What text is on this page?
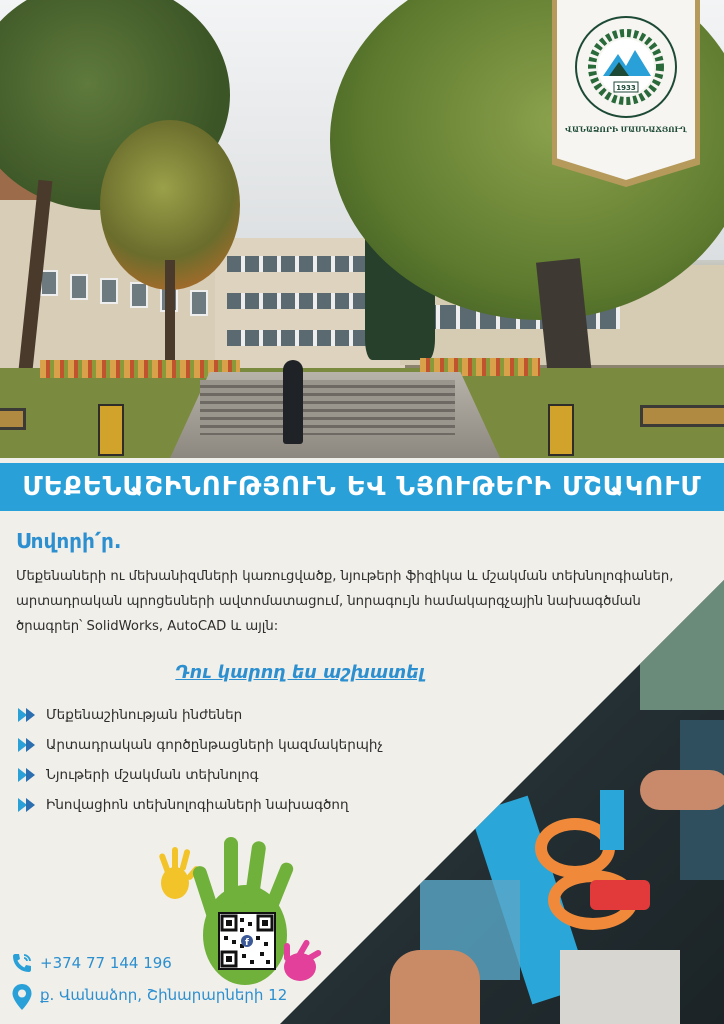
1933
ՎԱՆԱՁՈՐԻ ՄԱՍՆԱՃՅՈՒՂ
ՄԵՔԵՆԱՇԻՆՈՒԹՅՈՒՆ ԵՎ ՆՅՈՒԹԵՐԻ ՄՇԱԿՈՒՄ
Սովորի՛ր.
Մեքենաների ու մեխանիզմների կառուցվածք, նյութերի ֆիզիկա և մշակման տեխնոլոգիաներ, արտադրական պրոցեսների ավտոմատացում, նորագույն համակարգչային նախագծման ծրագրեր՝ SolidWorks, AutoCAD և այլն:
Դու կարող ես աշխատել
Մեքենաշինության ինժեներ
Արտադրական գործընթացների կազմակերպիչ
Նյութերի մշակման տեխնոլոգ
Ինովացիոն տեխնոլոգիաների նախագծող
f
+374 77 144 196
ք. Վանաձոր, Շինարարների 12
